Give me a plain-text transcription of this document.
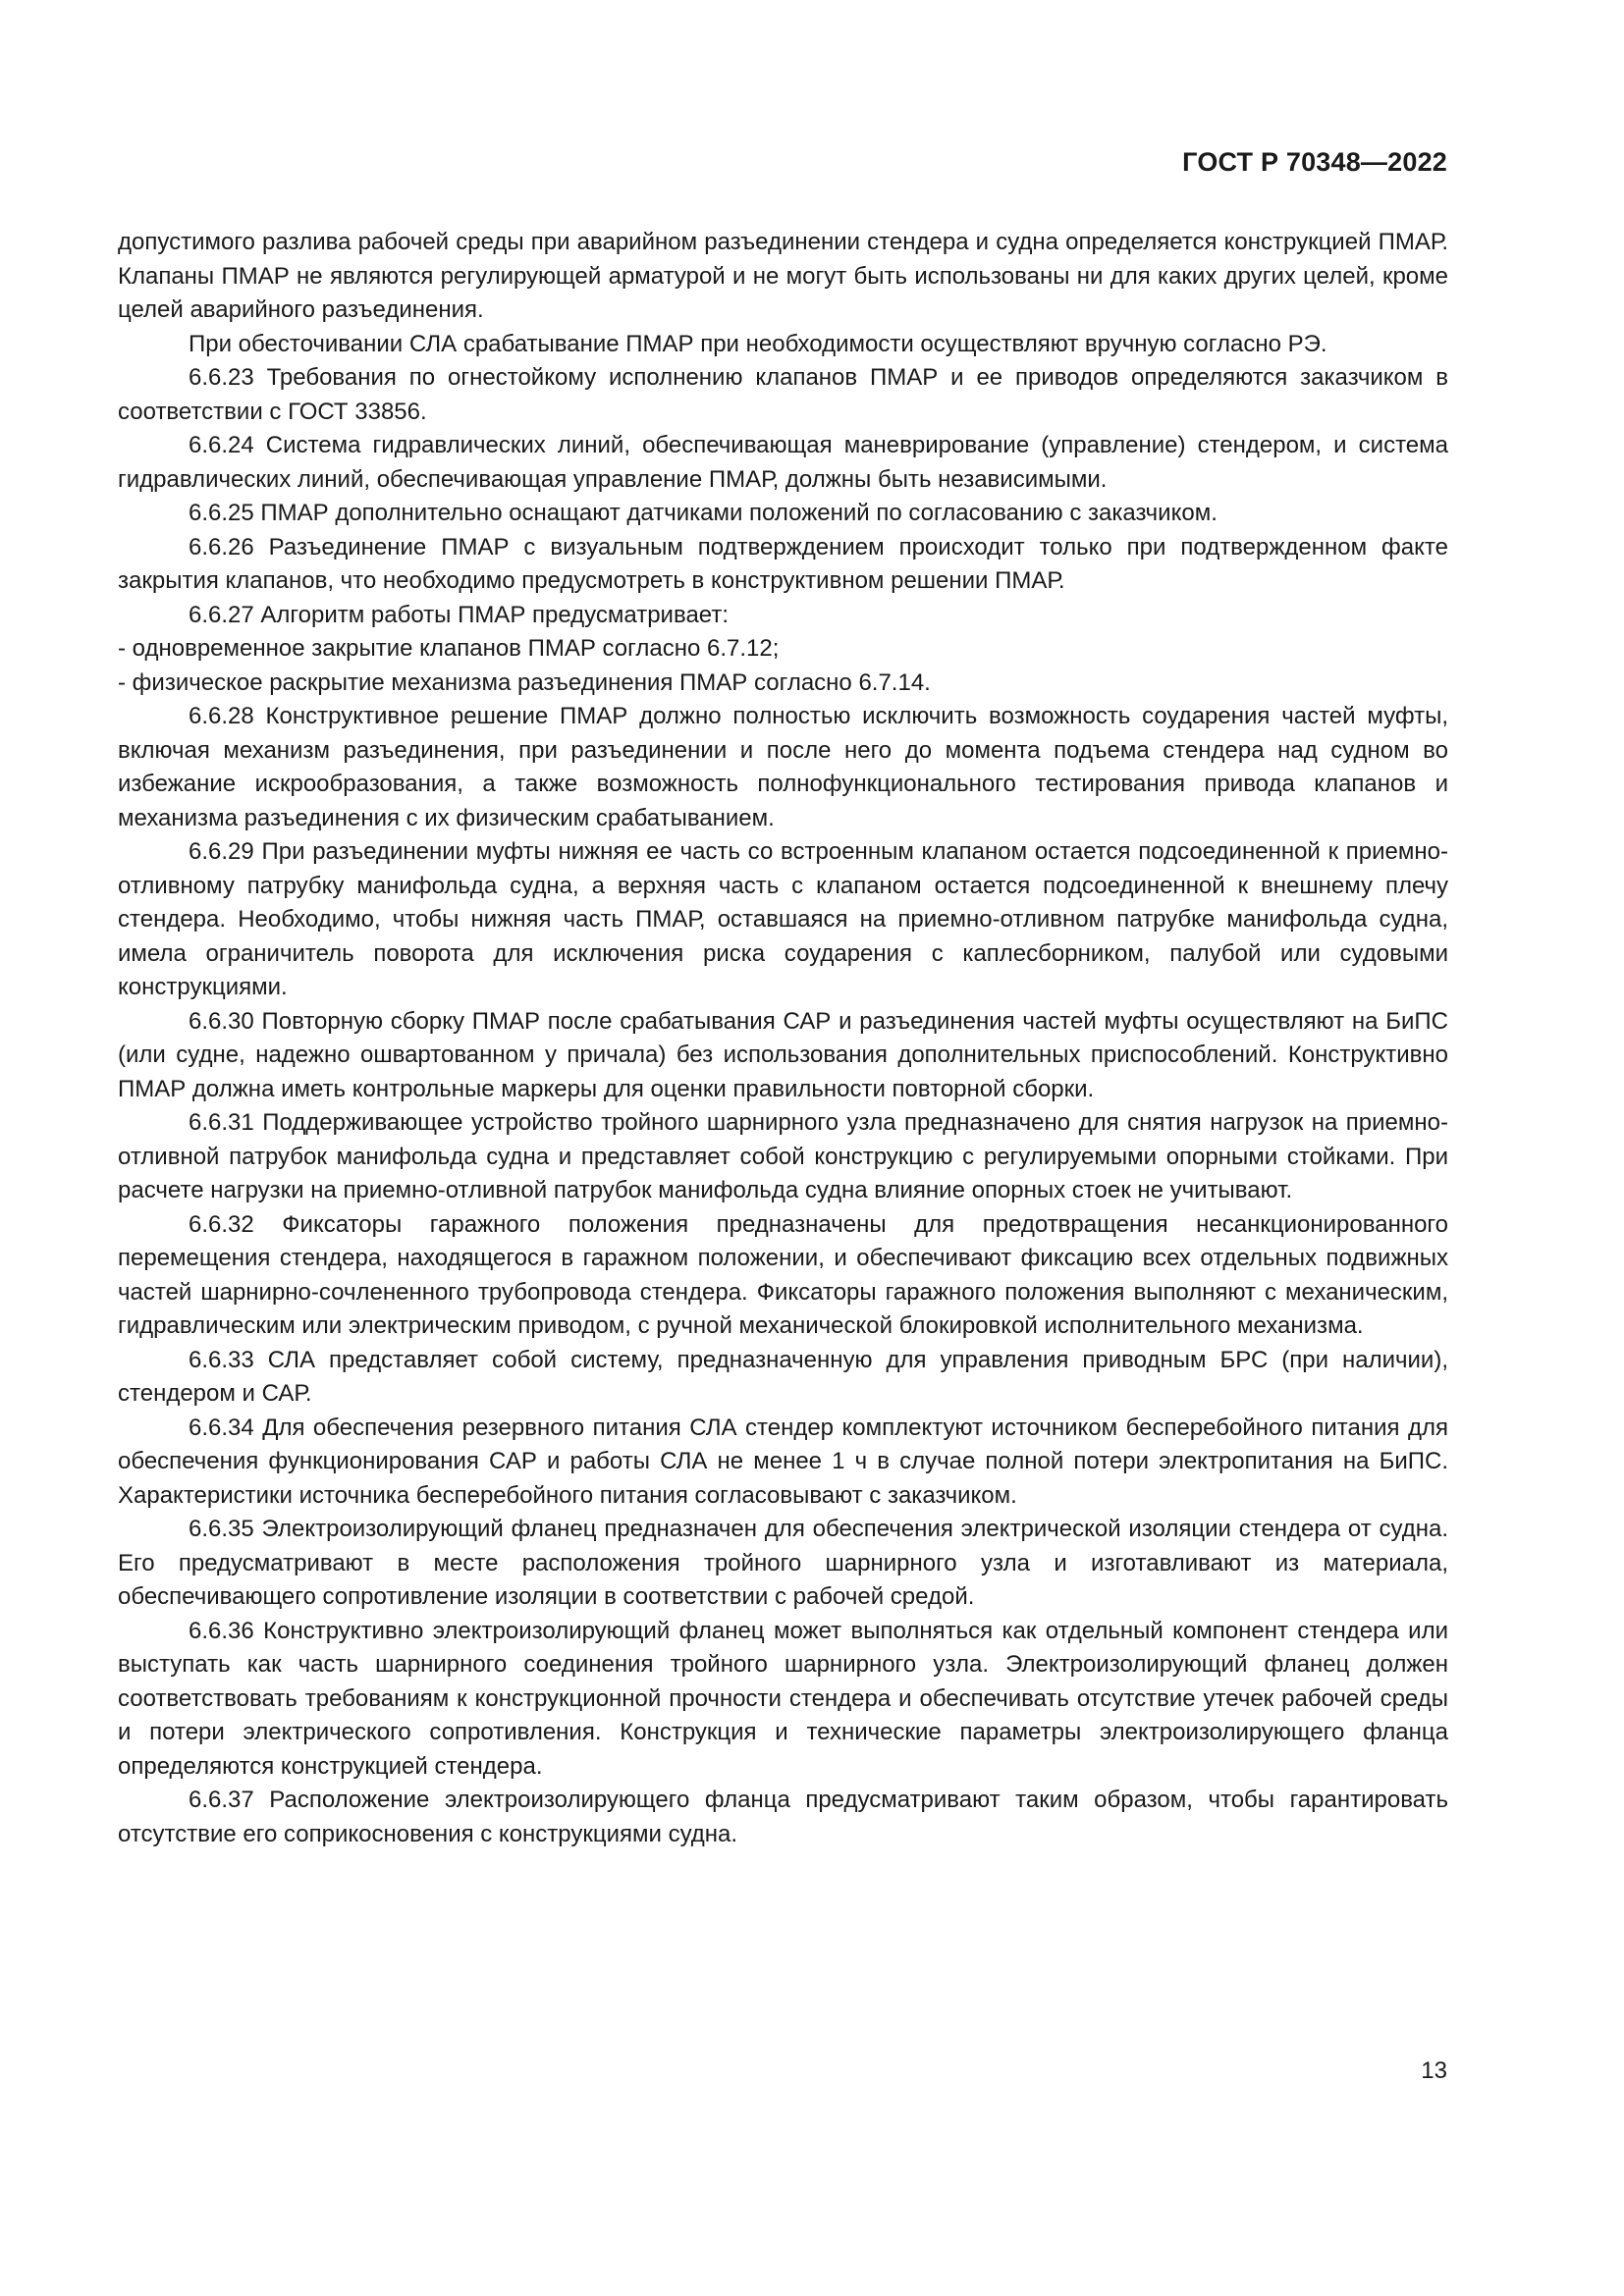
ГОСТ Р 70348—2022

допустимого разлива рабочей среды при аварийном разъединении стендера и судна определяется конструкцией ПМАР. Клапаны ПМАР не являются регулирующей арматурой и не могут быть использованы ни для каких других целей, кроме целей аварийного разъединения.

При обесточивании СЛА срабатывание ПМАР при необходимости осуществляют вручную согласно РЭ.

6.6.23 Требования по огнестойкому исполнению клапанов ПМАР и ее приводов определяются заказчиком в соответствии с ГОСТ 33856.

6.6.24 Система гидравлических линий, обеспечивающая маневрирование (управление) стендером, и система гидравлических линий, обеспечивающая управление ПМАР, должны быть независимыми.

6.6.25 ПМАР дополнительно оснащают датчиками положений по согласованию с заказчиком.

6.6.26 Разъединение ПМАР с визуальным подтверждением происходит только при подтвержденном факте закрытия клапанов, что необходимо предусмотреть в конструктивном решении ПМАР.

6.6.27 Алгоритм работы ПМАР предусматривает:

- одновременное закрытие клапанов ПМАР согласно 6.7.12;

- физическое раскрытие механизма разъединения ПМАР согласно 6.7.14.

6.6.28 Конструктивное решение ПМАР должно полностью исключить возможность соударения частей муфты, включая механизм разъединения, при разъединении и после него до момента подъема стендера над судном во избежание искрообразования, а также возможность полнофункционального тестирования привода клапанов и механизма разъединения с их физическим срабатыванием.

6.6.29 При разъединении муфты нижняя ее часть со встроенным клапаном остается подсоединенной к приемно-отливному патрубку манифольда судна, а верхняя часть с клапаном остается подсоединенной к внешнему плечу стендера. Необходимо, чтобы нижняя часть ПМАР, оставшаяся на приемно-отливном патрубке манифольда судна, имела ограничитель поворота для исключения риска соударения с каплесборником, палубой или судовыми конструкциями.

6.6.30 Повторную сборку ПМАР после срабатывания САР и разъединения частей муфты осуществляют на БиПС (или судне, надежно ошвартованном у причала) без использования дополнительных приспособлений. Конструктивно ПМАР должна иметь контрольные маркеры для оценки правильности повторной сборки.

6.6.31 Поддерживающее устройство тройного шарнирного узла предназначено для снятия нагрузок на приемно-отливной патрубок манифольда судна и представляет собой конструкцию с регулируемыми опорными стойками. При расчете нагрузки на приемно-отливной патрубок манифольда судна влияние опорных стоек не учитывают.

6.6.32 Фиксаторы гаражного положения предназначены для предотвращения несанкционированного перемещения стендера, находящегося в гаражном положении, и обеспечивают фиксацию всех отдельных подвижных частей шарнирно-сочлененного трубопровода стендера. Фиксаторы гаражного положения выполняют с механическим, гидравлическим или электрическим приводом, с ручной механической блокировкой исполнительного механизма.

6.6.33 СЛА представляет собой систему, предназначенную для управления приводным БРС (при наличии), стендером и САР.

6.6.34 Для обеспечения резервного питания СЛА стендер комплектуют источником бесперебойного питания для обеспечения функционирования САР и работы СЛА не менее 1 ч в случае полной потери электропитания на БиПС. Характеристики источника бесперебойного питания согласовывают с заказчиком.

6.6.35 Электроизолирующий фланец предназначен для обеспечения электрической изоляции стендера от судна. Его предусматривают в месте расположения тройного шарнирного узла и изготавливают из материала, обеспечивающего сопротивление изоляции в соответствии с рабочей средой.

6.6.36 Конструктивно электроизолирующий фланец может выполняться как отдельный компонент стендера или выступать как часть шарнирного соединения тройного шарнирного узла. Электроизолирующий фланец должен соответствовать требованиям к конструкционной прочности стендера и обеспечивать отсутствие утечек рабочей среды и потери электрического сопротивления. Конструкция и технические параметры электроизолирующего фланца определяются конструкцией стендера.

6.6.37 Расположение электроизолирующего фланца предусматривают таким образом, чтобы гарантировать отсутствие его соприкосновения с конструкциями судна.

13
